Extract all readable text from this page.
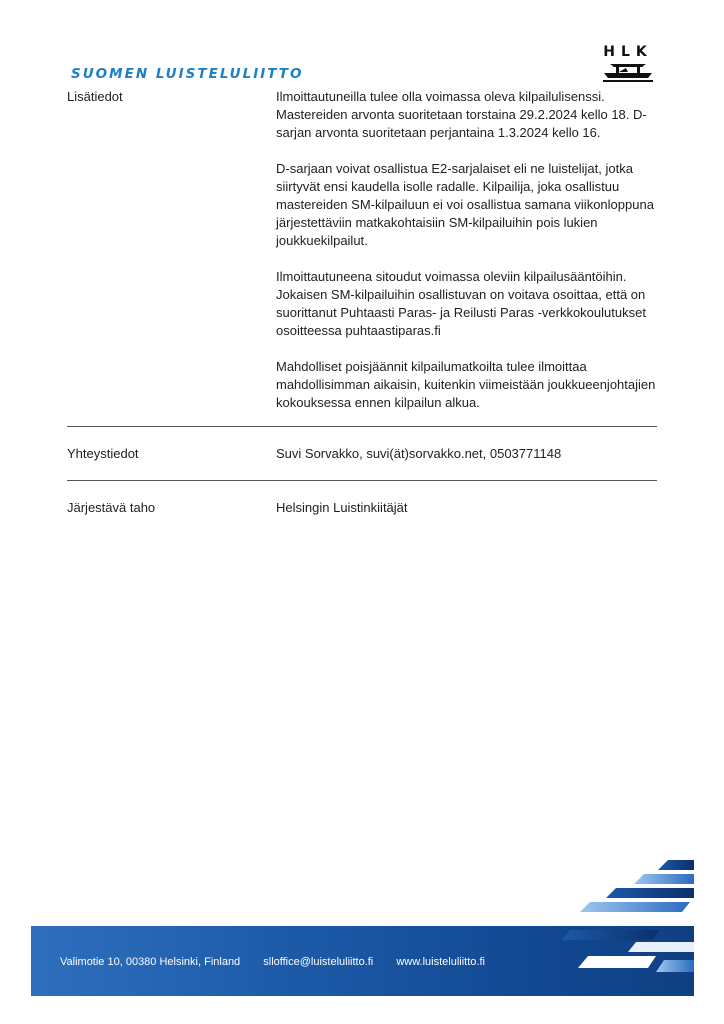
SUOMEN LUISTELULIITTO
HLK
Lisätiedot	Ilmoittautuneilla tulee olla voimassa oleva kilpailulisenssi. Mastereiden arvonta suoritetaan torstaina 29.2.2024 kello 18. D-sarjan arvonta suoritetaan perjantaina 1.3.2024 kello 16.

D-sarjaan voivat osallistua E2-sarjalaiset eli ne luistelijat, jotka siirtyvät ensi kaudella isolle radalle. Kilpailija, joka osallistuu mastereiden SM-kilpailuun ei voi osallistua samana viikonloppuna järjestettäviin matkakohtaisiin SM-kilpailuihin pois lukien joukkuekilpailut.

Ilmoittautuneena sitoudut voimassa oleviin kilpailusääntöihin. Jokaisen SM-kilpailuihin osallistuvan on voitava osoittaa, että on suorittanut Puhtaasti Paras- ja Reilusti Paras -verkkokoulutukset osoitteessa puhtaastiparas.fi

Mahdolliset poisjäännit kilpailumatkoilta tulee ilmoittaa mahdollisimman aikaisin, kuitenkin viimeistään joukkueenjohtajien kokouksessa ennen kilpailun alkua.

Yhteystiedot	Suvi Sorvakko, suvi(ät)sorvakko.net, 0503771148
Järjestävä taho	Helsingin Luistinkiitäjät
Valimotie 10, 00380 Helsinki, Finland slloffice@luisteluliitto.fi www.luisteluliitto.fi
